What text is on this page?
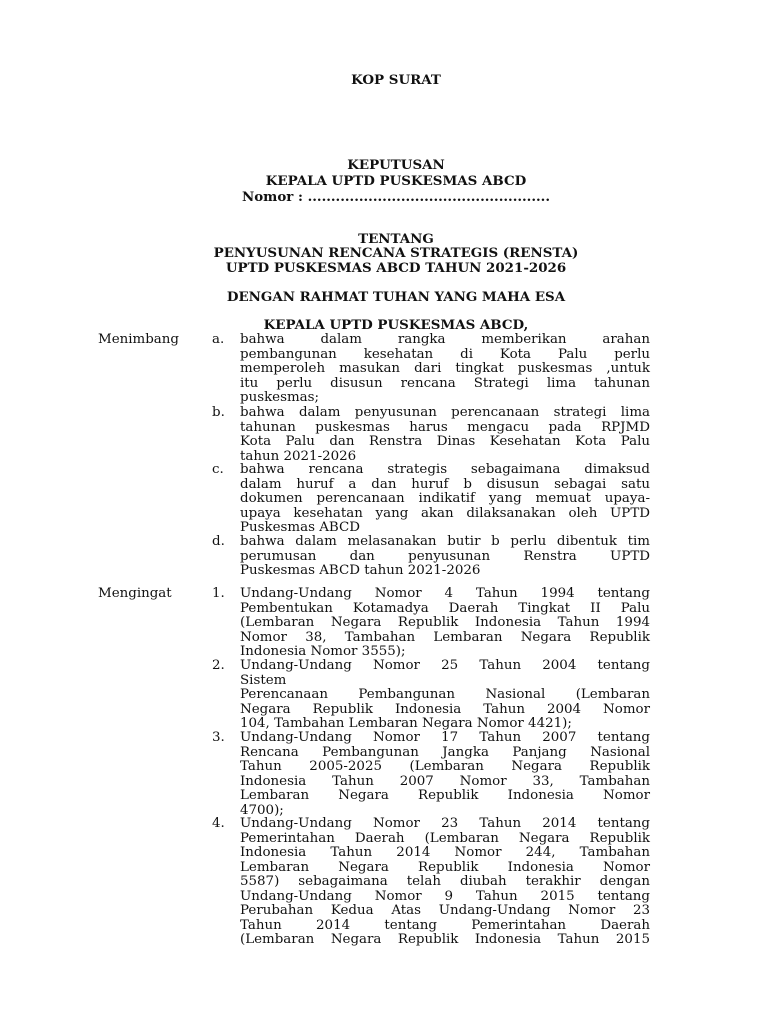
KOP SURAT
KEPUTUSAN
KEPALA UPTD PUSKESMAS ABCD
Nomor : ....................................................
TENTANG
PENYUSUNAN RENCANA STRATEGIS (RENSTA)
UPTD PUSKESMAS ABCD TAHUN 2021-2026
DENGAN RAHMAT TUHAN YANG MAHA ESA
KEPALA UPTD PUSKESMAS ABCD,
Menimbang a.	bahwa dalam rangka memberikan arahan
pembangunan kesehatan di Kota Palu perlu
memperoleh masukan dari tingkat puskesmas ,untuk
itu perlu disusun rencana Strategi lima tahunan
puskesmas;
b.	bahwa dalam penyusunan perencanaan strategi lima
tahunan puskesmas harus mengacu pada RPJMD
Kota Palu dan Renstra Dinas Kesehatan Kota Palu
tahun 2021-2026
c.	bahwa rencana strategis sebagaimana dimaksud
dalam huruf a dan huruf b disusun sebagai satu
dokumen perencanaan indikatif yang memuat upaya-
upaya kesehatan yang akan dilaksanakan oleh UPTD
Puskesmas ABCD
d.	bahwa dalam melasanakan butir b perlu dibentuk tim
perumusan dan penyusunan Renstra UPTD
Puskesmas ABCD tahun 2021-2026
Mengingat	1.	Undang-Undang Nomor 4 Tahun 1994 tentang
Pembentukan Kotamadya Daerah Tingkat II Palu
(Lembaran Negara Republik Indonesia Tahun 1994
Nomor 38, Tambahan Lembaran Negara Republik
Indonesia Nomor 3555);
2.	Undang-Undang Nomor 25 Tahun 2004 tentang
Sistem
Perencanaan Pembangunan Nasional (Lembaran
Negara Republik Indonesia Tahun 2004 Nomor
104, Tambahan Lembaran Negara Nomor 4421);
3.	Undang-Undang Nomor 17 Tahun 2007 tentang
Rencana Pembangunan Jangka Panjang Nasional
Tahun 2005-2025 (Lembaran Negara Republik
Indonesia Tahun 2007 Nomor 33, Tambahan
Lembaran Negara Republik Indonesia Nomor
4700);
4.	Undang-Undang Nomor 23 Tahun 2014 tentang
Pemerintahan Daerah (Lembaran Negara Republik
Indonesia Tahun 2014 Nomor 244, Tambahan
Lembaran Negara Republik Indonesia Nomor
5587) sebagaimana telah diubah terakhir dengan
Undang-Undang Nomor 9 Tahun 2015 tentang
Perubahan Kedua Atas Undang-Undang Nomor 23
Tahun 2014 tentang Pemerintahan Daerah
(Lembaran Negara Republik Indonesia Tahun 2015
